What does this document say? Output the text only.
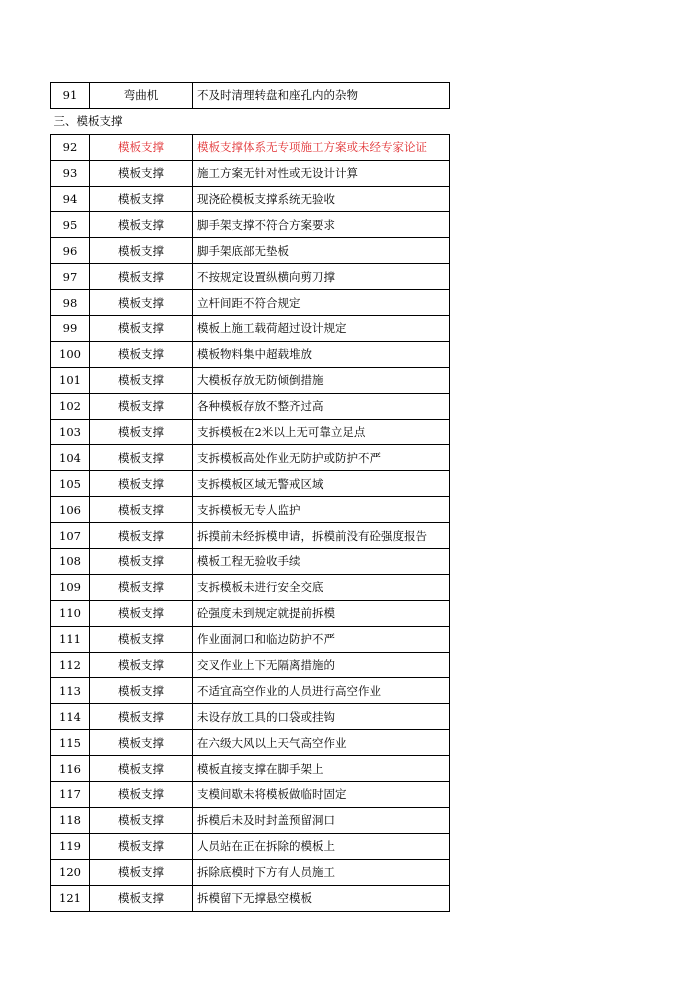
91	弯曲机	不及时清理转盘和座孔内的杂物
三、模板支撑		
92	模板支撑	模板支撑体系无专项施工方案或未经专家论证
93	模板支撑	施工方案无针对性或无设计计算
94	模板支撑	现浇砼模板支撑系统无验收
95	模板支撑	脚手架支撑不符合方案要求
96	模板支撑	脚手架底部无垫板
97	模板支撑	不按规定设置纵横向剪刀撑
98	模板支撑	立杆间距不符合规定
99	模板支撑	模板上施工载荷超过设计规定
100	模板支撑	模板物料集中超载堆放
101	模板支撑	大模板存放无防倾倒措施
102	模板支撑	各种模板存放不整齐过高
103	模板支撑	支拆模板在2米以上无可靠立足点
104	模板支撑	支拆模板高处作业无防护或防护不严
105	模板支撑	支拆模板区域无警戒区域
106	模板支撑	支拆模板无专人监护
107	模板支撑	拆摸前未经拆模申请，拆模前没有砼强度报告
108	模板支撑	模板工程无验收手续
109	模板支撑	支拆模板未进行安全交底
110	模板支撑	砼强度未到规定就提前拆模
111	模板支撑	作业面洞口和临边防护不严
112	模板支撑	交叉作业上下无隔离措施的
113	模板支撑	不适宜高空作业的人员进行高空作业
114	模板支撑	未设存放工具的口袋或挂钩
115	模板支撑	在六级大风以上天气高空作业
116	模板支撑	模板直接支撑在脚手架上
117	模板支撑	支模间歇未将模板做临时固定
118	模板支撑	拆模后未及时封盖预留洞口
119	模板支撑	人员站在正在拆除的模板上
120	模板支撑	拆除底模时下方有人员施工
121	模板支撑	拆模留下无撑悬空模板
